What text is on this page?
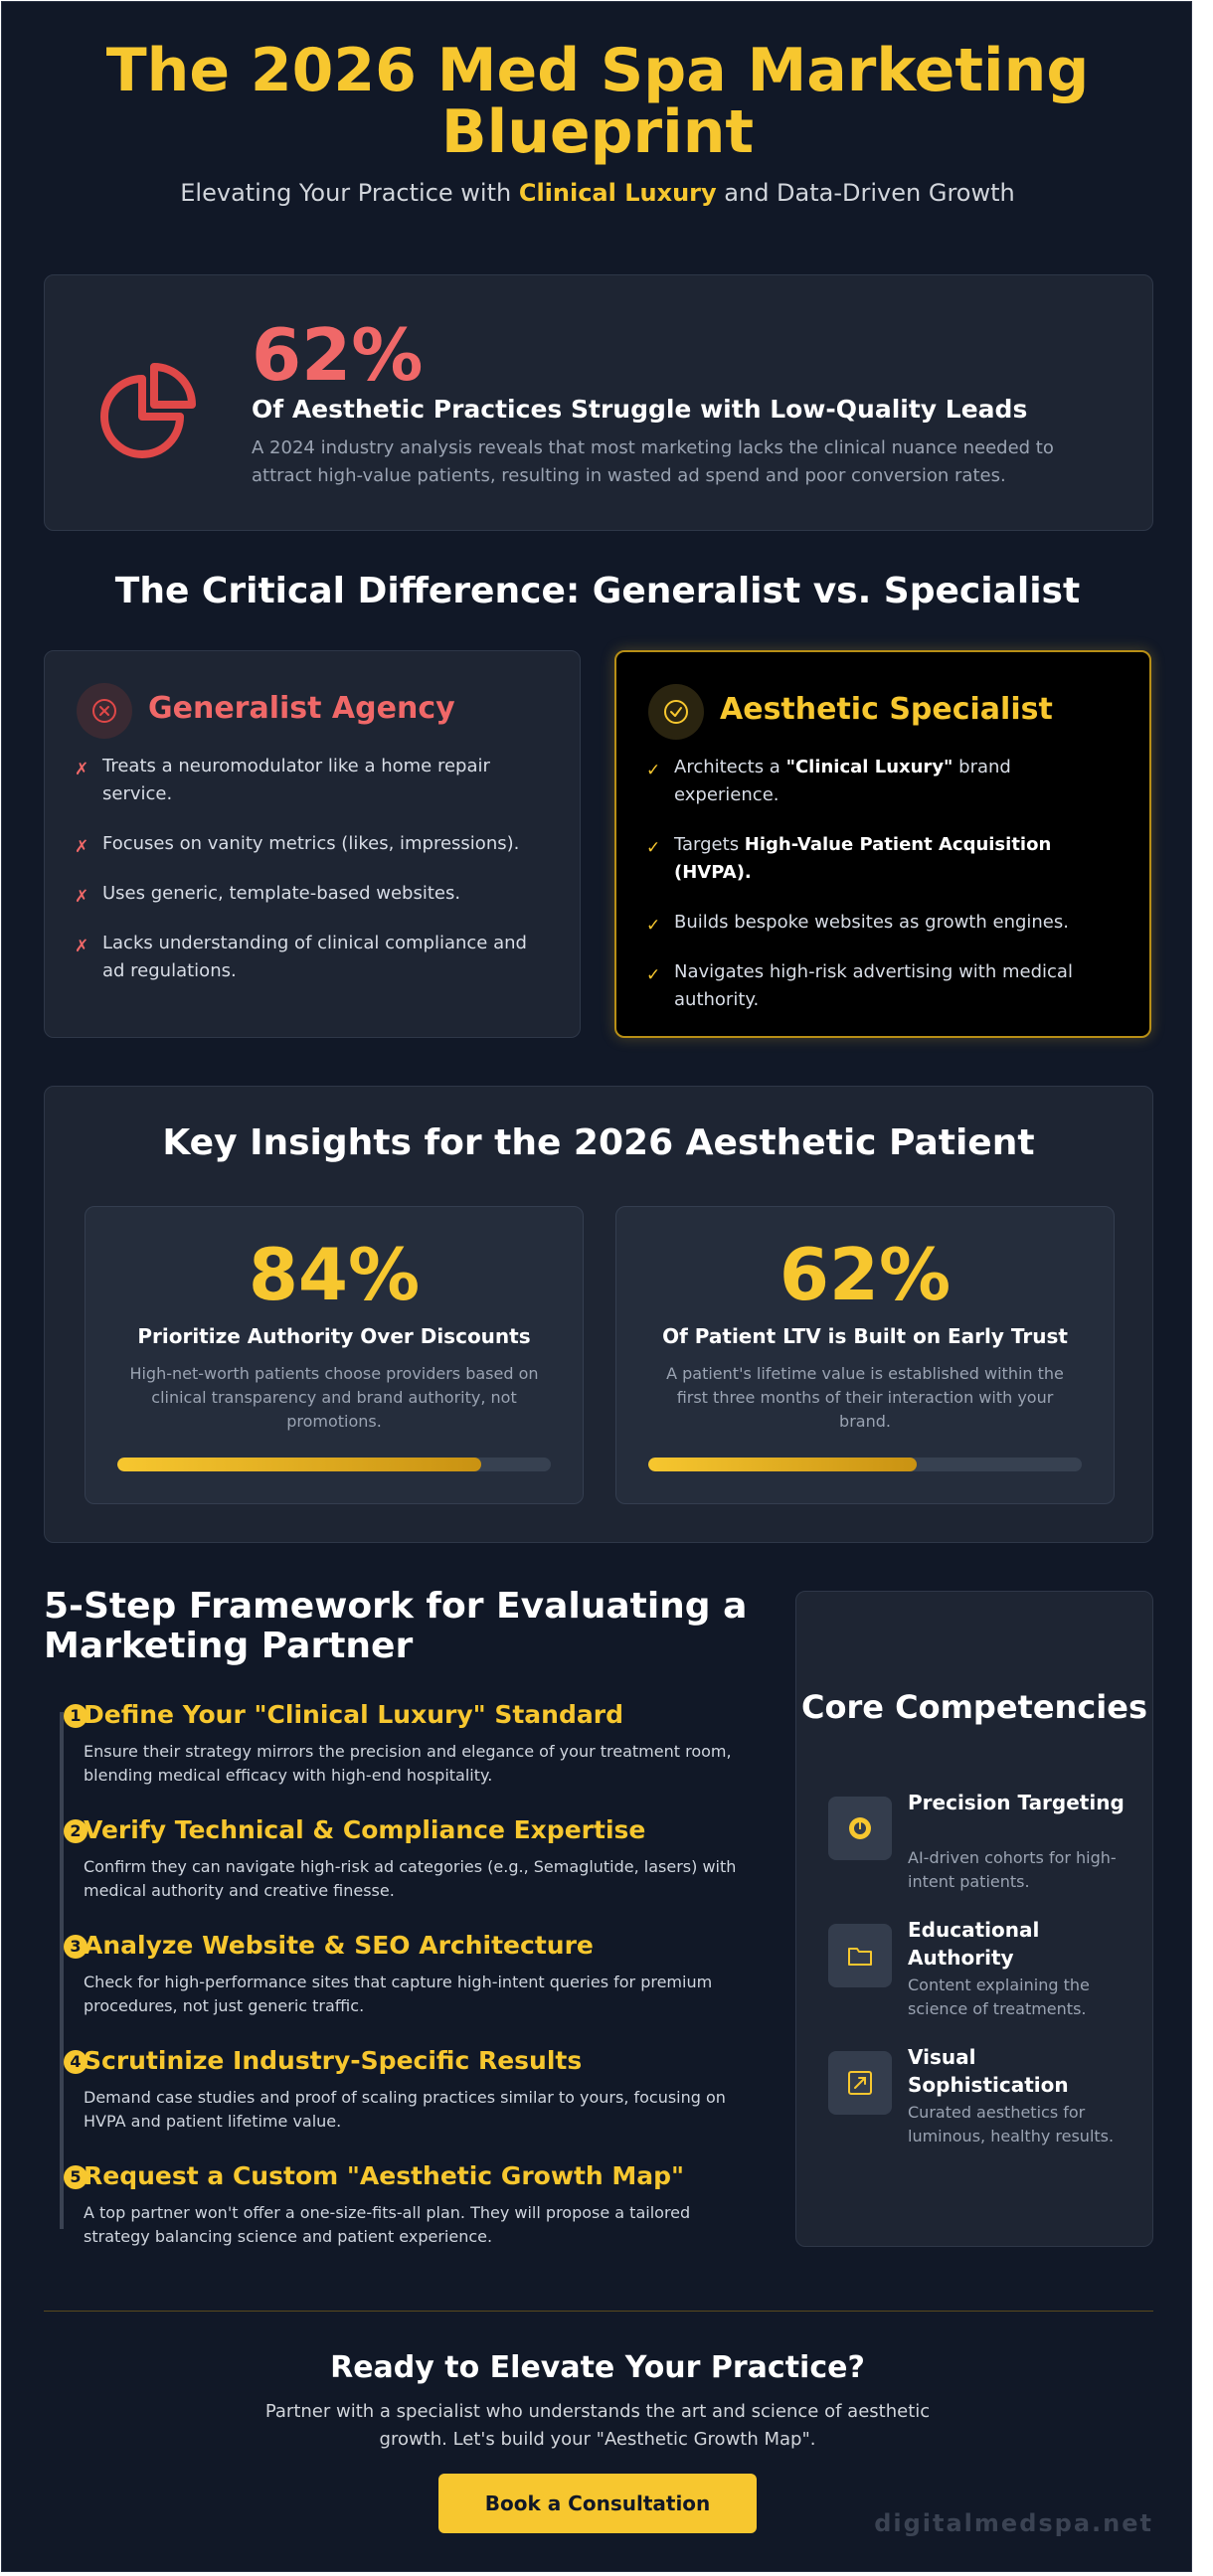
The 2026 Med Spa Marketing Blueprint
Elevating Your Practice with Clinical Luxury and Data-Driven Growth
62%
Of Aesthetic Practices Struggle with Low-Quality Leads
A 2024 industry analysis reveals that most marketing lacks the clinical nuance needed to attract high-value patients, resulting in wasted ad spend and poor conversion rates.
The Critical Difference: Generalist vs. Specialist
Generalist Agency
✗ Treats a neuromodulator like a home repair service.
✗ Focuses on vanity metrics (likes, impressions).
✗ Uses generic, template-based websites.
✗ Lacks understanding of clinical compliance and ad regulations.
Aesthetic Specialist
✓ Architects a "Clinical Luxury" brand experience.
✓ Targets High-Value Patient Acquisition (HVPA).
✓ Builds bespoke websites as growth engines.
✓ Navigates high-risk advertising with medical authority.
Key Insights for the 2026 Aesthetic Patient
84%
Prioritize Authority Over Discounts
High-net-worth patients choose providers based on clinical transparency and brand authority, not promotions.
62%
Of Patient LTV is Built on Early Trust
A patient's lifetime value is established within the first three months of their interaction with your brand.
5-Step Framework for Evaluating a Marketing Partner
1 Define Your "Clinical Luxury" Standard
Ensure their strategy mirrors the precision and elegance of your treatment room, blending medical efficacy with high-end hospitality.
2 Verify Technical & Compliance Expertise
Confirm they can navigate high-risk ad categories (e.g., Semaglutide, lasers) with medical authority and creative finesse.
3 Analyze Website & SEO Architecture
Check for high-performance sites that capture high-intent queries for premium procedures, not just generic traffic.
4 Scrutinize Industry-Specific Results
Demand case studies and proof of scaling practices similar to yours, focusing on HVPA and patient lifetime value.
5 Request a Custom "Aesthetic Growth Map"
A top partner won't offer a one-size-fits-all plan. They will propose a tailored strategy balancing science and patient experience.
Core Competencies
Precision Targeting
AI-driven cohorts for high-intent patients.
Educational Authority
Content explaining the science of treatments.
Visual Sophistication
Curated aesthetics for luminous, healthy results.
Ready to Elevate Your Practice?
Partner with a specialist who understands the art and science of aesthetic growth. Let's build your "Aesthetic Growth Map".
Book a Consultation
digitalmedspa.net
